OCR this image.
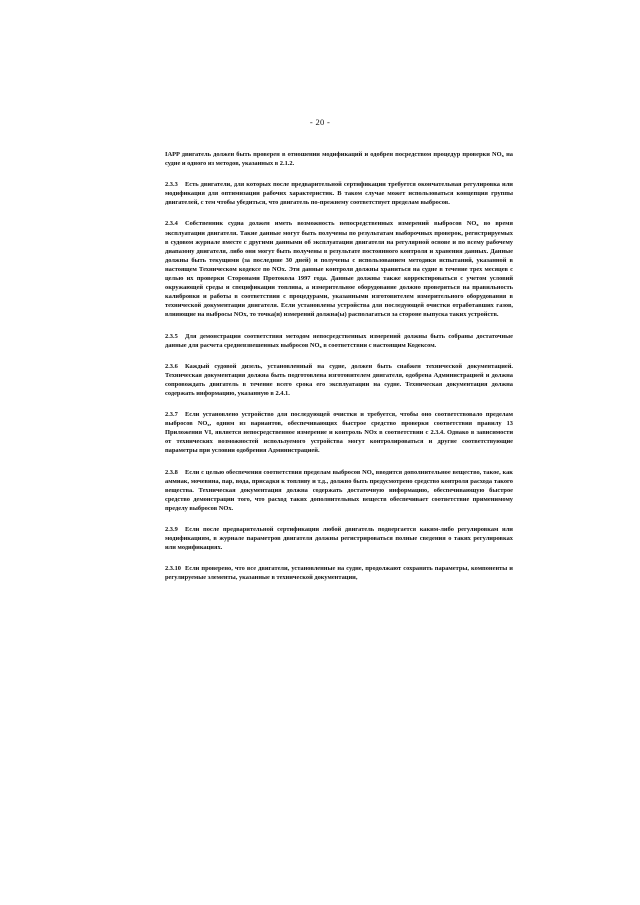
- 20 -

IAPP двигатель должен быть проверен в отношении модификаций и одобрен посредством процедур проверки $NO_x$ на судне и одного из методов, указанных в 2.1.2.

2.3.3 Есть двигатели, для которых после предварительной сертификации требуется окончательная регулировка или модификация для оптимизации рабочих характеристик. В таком случае может использоваться концепция группы двигателей, с тем чтобы убедиться, что двигатель по-прежнему соответствует пределам выбросов.

2.3.4 Собственник судна должен иметь возможность непосредственных измерений выбросов $NO_x$ во время эксплуатации двигателя. Такие данные могут быть получены по результатам выборочных проверок, регистрируемых в судовом журнале вместе с другими данными об эксплуатации двигателя на регулярной основе и по всему рабочему диапазону двигателя, либо они могут быть получены в результате постоянного контроля и хранения данных. Данные должны быть текущими (за последние 30 дней) и получены с использованием методики испытаний, указанной в настоящем Техническом кодексе по NOx. Эти данные контроля должны храниться на судне в течение трех месяцев с целью их проверки Сторонами Протокола 1997 года. Данные должны также корректироваться с учетом условий окружающей среды и спецификации топлива, а измерительное оборудование должно проверяться на правильность калибровки и работы в соответствии с процедурами, указанными изготовителем измерительного оборудования в технической документации двигателя. Если установлены устройства для последующей очистки отработавших газов, влияющие на выбросы NOx, то точка(и) измерений должна(ы) располагаться за стороне выпуска таких устройств.

2.3.5 Для демонстрации соответствия методом непосредственных измерений должны быть собраны достаточные данные для расчета средневзвешенных выбросов $NO_x$ в соответствии с настоящим Кодексом.

2.3.6 Каждый судовой дизель, установленный на судне, должен быть снабжен технической документацией. Техническая документация должна быть подготовлена изготовителем двигателя, одобрена Администрацией и должна сопровождать двигатель в течение всего срока его эксплуатации на судне. Техническая документация должна содержать информацию, указанную в 2.4.1.

2.3.7 Если установлено устройство для последующей очистки и требуется, чтобы оно соответствовало пределам выбросов $NO_x$, одним из вариантов, обеспечивающих быстрое средство проверки соответствия правилу 13 Приложения VI, является непосредственное измерение и контроль NOx в соответствии с 2.3.4. Однако в зависимости от технических возможностей используемого устройства могут контролироваться и другие соответствующие параметры при условии одобрения Администрацией.

2.3.8 Если с целью обеспечения соответствия пределам выбросов $NO_x$ вводится дополнительное вещество, такое, как аммиак, мочевина, пар, вода, присадки к топливу и т.д., должно быть предусмотрено средство контроля расхода такого вещества. Техническая документация должна содержать достаточную информацию, обеспечивающую быстрое средство демонстрации того, что расход таких дополнительных веществ обеспечивает соответствие применимому пределу выбросов NOx.

2.3.9 Если после предварительной сертификации любой двигатель подвергается каким-либо регулировкам или модификациям, в журнале параметров двигателя должны регистрироваться полные сведения о таких регулировках или модификациях.

2.3.10 Если проверено, что все двигатели, установленные на судне, продолжают сохранять параметры, компоненты и регулируемые элементы, указанные в технической документации,
